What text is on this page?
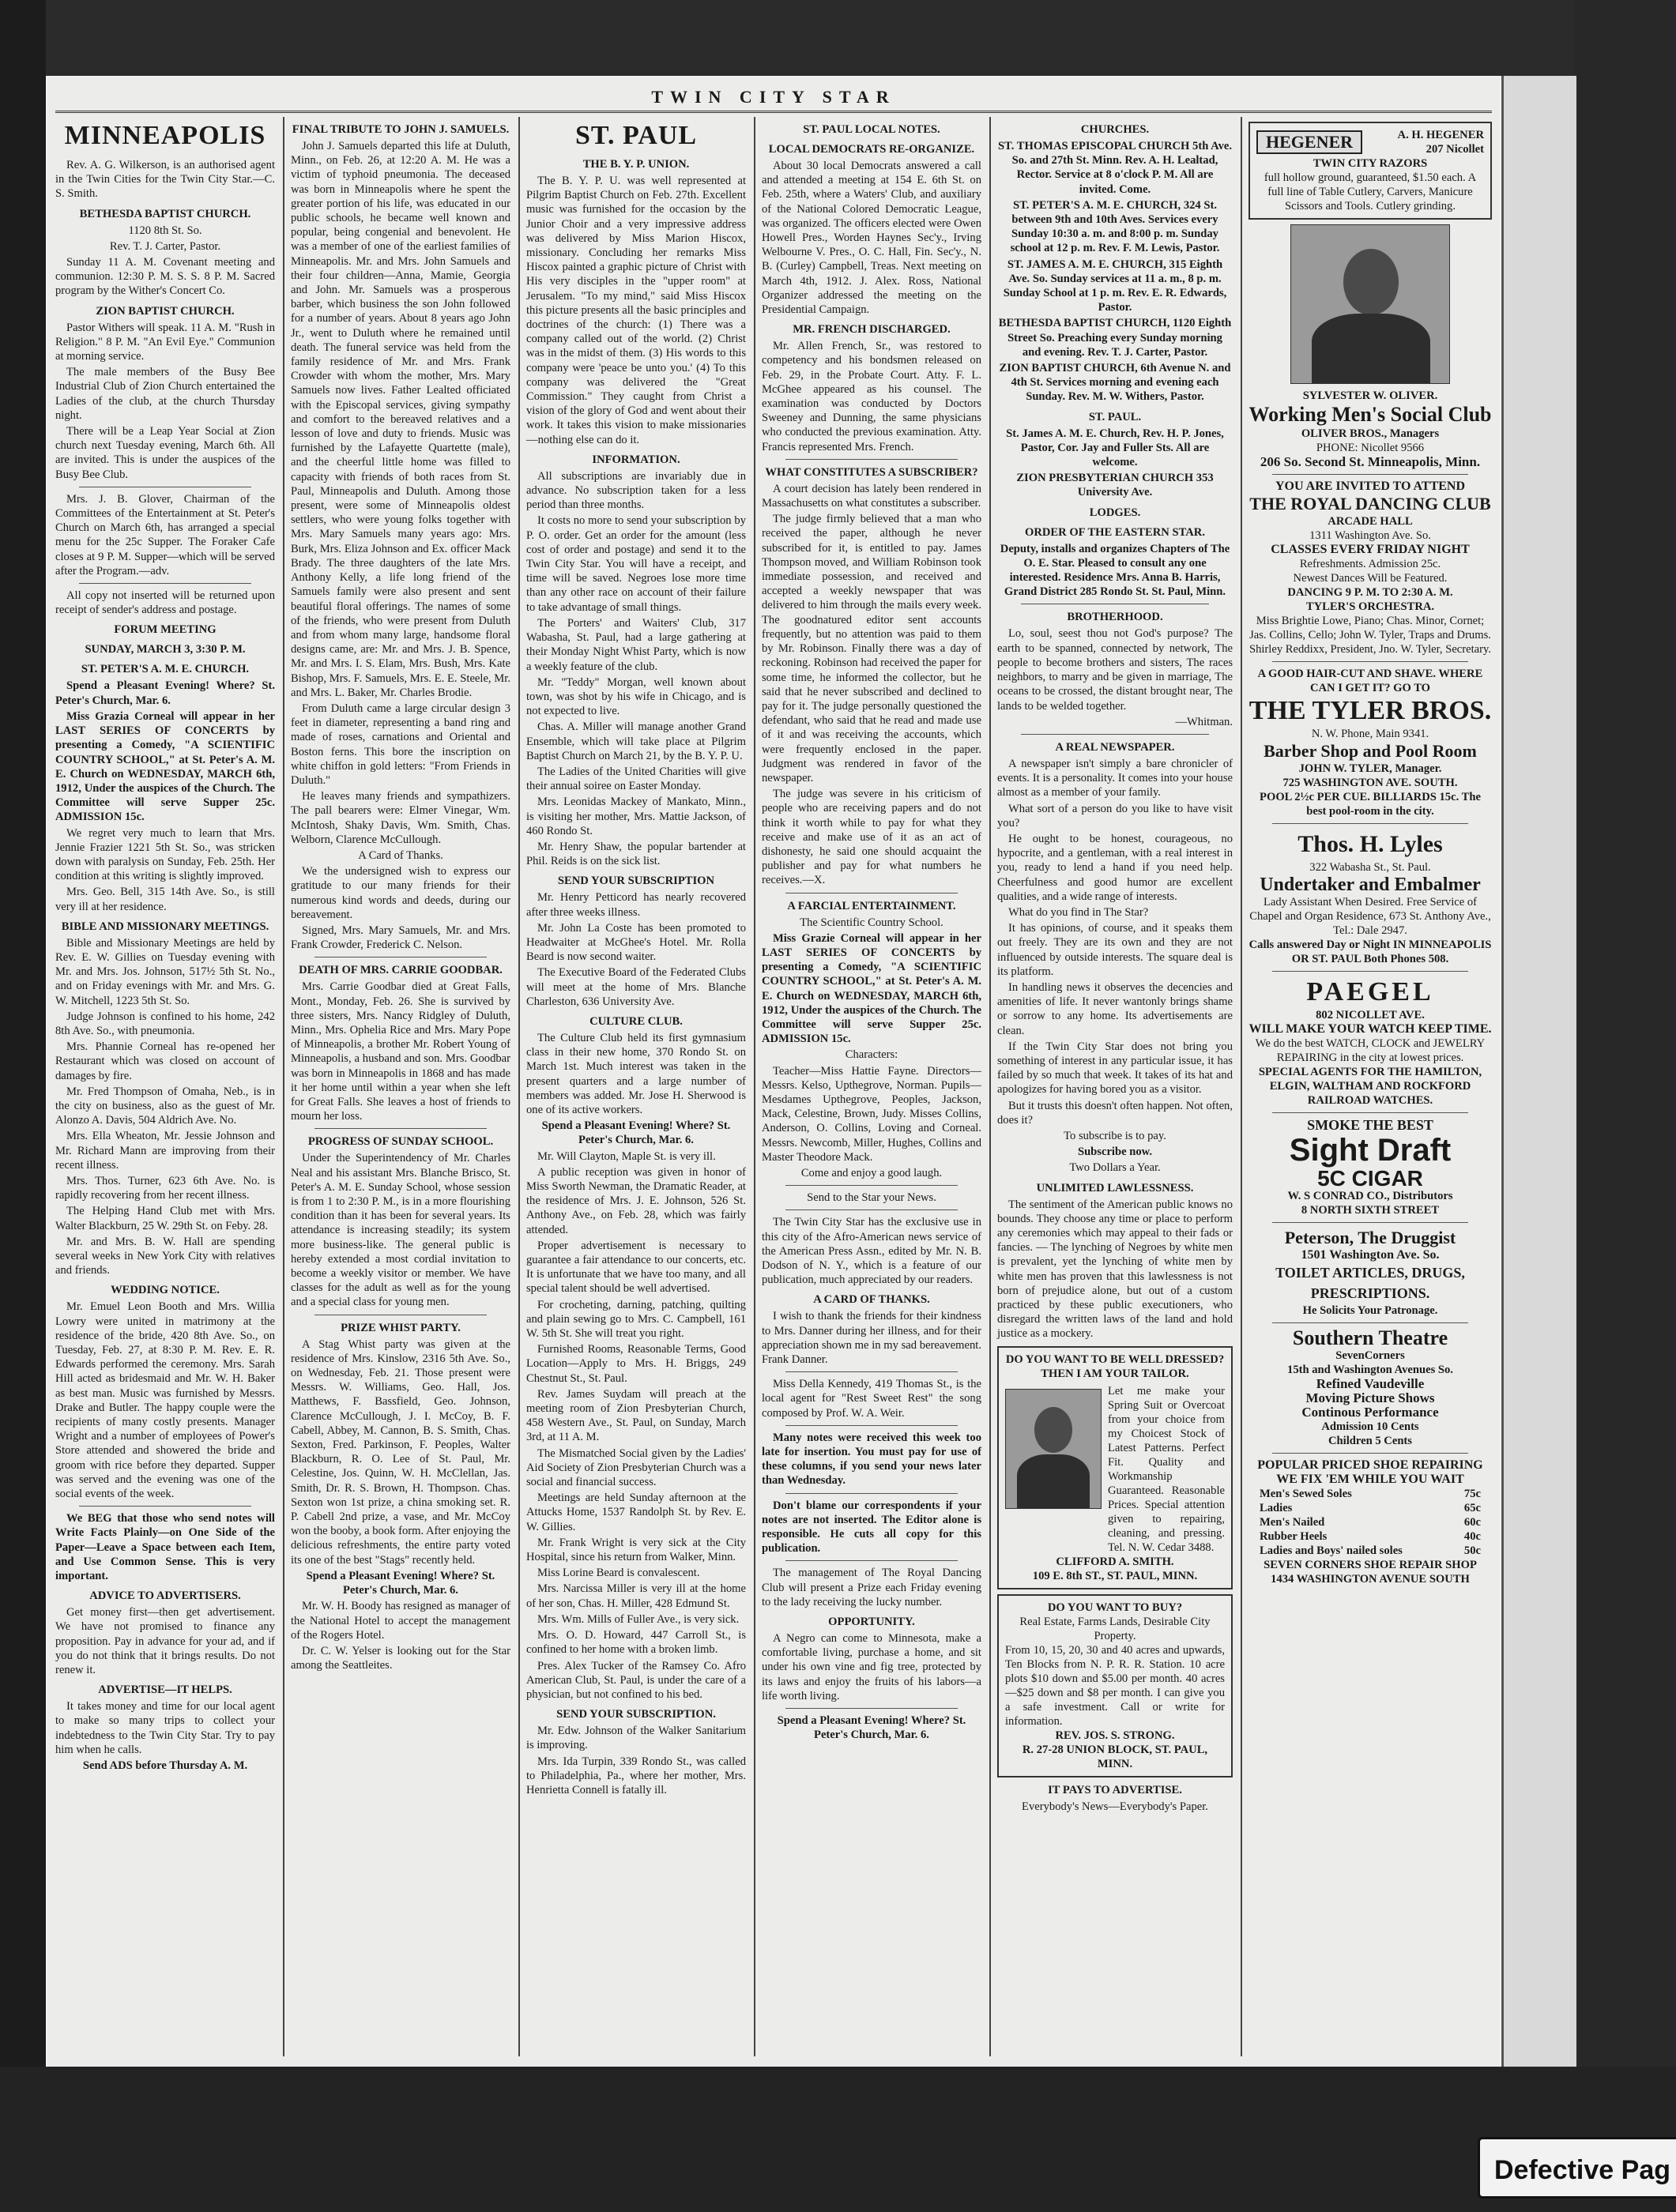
TWIN CITY STAR
MINNEAPOLIS

Rev. A. G. Wilkerson, is an authorised agent in the Twin Cities for the Twin City Star.—C. S. Smith.

BETHESDA BAPTIST CHURCH.
1120 8th St. So.
Rev. T. J. Carter, Pastor.

Sunday 11 A. M. Covenant meeting and communion. 12:30 P. M. S. S. 8 P. M. Sacred program by the Wither's Concert Co.

ZION BAPTIST CHURCH.

Pastor Withers will speak. 11 A. M. "Rush in Religion." 8 P. M. "An Evil Eye." Communion at morning service.

The male members of the Busy Bee Industrial Club of Zion Church entertained the Ladies of the club, at the church Thursday night.

There will be a Leap Year Social at Zion church next Tuesday evening, March 6th. All are invited. This is under the auspices of the Busy Bee Club.

Mrs. J. B. Glover, Chairman of the Committees of the Entertainment at St. Peter's Church on March 6th, has arranged a special menu for the 25c Supper. The Foraker Cafe closes at 9 P. M. Supper—which will be served after the Program.—adv.

All copy not inserted will be returned upon receipt of sender's address and postage.

FORUM MEETING
SUNDAY, MARCH 3, 3:30 P. M.
ST. PETER'S A. M. E. CHURCH.

Spend a Pleasant Evening! Where? St. Peter's Church, Mar. 6.

Miss Grazia Corneal will appear in her LAST SERIES OF CONCERTS by presenting a Comedy, "A SCIENTIFIC COUNTRY SCHOOL," at St. Peter's A. M. E. Church on WEDNESDAY, MARCH 6th, 1912, Under the auspices of the Church. The Committee will serve Supper 25c. ADMISSION 15c.

We regret very much to learn that Mrs. Jennie Frazier 1221 5th St. So., was stricken down with paralysis on Sunday, Feb. 25th. Her condition at this writing is slightly improved.

Mrs. Geo. Bell, 315 14th Ave. So., is still very ill at her residence.

BIBLE AND MISSIONARY MEETINGS.

Bible and Missionary Meetings are held by Rev. E. W. Gillies on Tuesday evening with Mr. and Mrs. Jos. Johnson, 517½ 5th St. No., and on Friday evenings with Mr. and Mrs. G. W. Mitchell, 1223 5th St. So.

Judge Johnson is confined to his home, 242 8th Ave. So., with pneumonia.

Mrs. Phannie Corneal has re-opened her Restaurant which was closed on account of damages by fire.

Mr. Fred Thompson of Omaha, Neb., is in the city on business, also as the guest of Mr. Alonzo A. Davis, 504 Aldrich Ave. No.

Mrs. Ella Wheaton, Mr. Jessie Johnson and Mr. Richard Mann are improving from their recent illness.

Mrs. Thos. Turner, 623 6th Ave. No. is rapidly recovering from her recent illness.

The Helping Hand Club met with Mrs. Walter Blackburn, 25 W. 29th St. on Feby. 28.

Mr. and Mrs. B. W. Hall are spending several weeks in New York City with relatives and friends.

WEDDING NOTICE.

Mr. Emuel Leon Booth and Mrs. Willia Lowry were united in matrimony at the residence of the bride, 420 8th Ave. So., on Tuesday, Feb. 27, at 8:30 P. M. Rev. E. R. Edwards performed the ceremony. Mrs. Sarah Hill acted as bridesmaid and Mr. W. H. Baker as best man. Music was furnished by Messrs. Drake and Butler. The happy couple were the recipients of many costly presents. Manager Wright and a number of employees of Power's Store attended and showered the bride and groom with rice before they departed. Supper was served and the evening was one of the social events of the week.

We BEG that those who send notes will Write Facts Plainly—on One Side of the Paper—Leave a Space between each Item, and Use Common Sense. This is very important.

ADVICE TO ADVERTISERS.

Get money first—then get advertisement. We have not promised to finance any proposition. Pay in advance for your ad, and if you do not think that it brings results. Do not renew it.

ADVERTISE—IT HELPS.

It takes money and time for our local agent to make so many trips to collect your indebtedness to the Twin City Star. Try to pay him when he calls.

Send ADS before Thursday A. M.

FINAL TRIBUTE TO JOHN J. SAMUELS.

John J. Samuels departed this life at Duluth, Minn., on Feb. 26, at 12:20 A. M. He was a victim of typhoid pneumonia. The deceased was born in Minneapolis where he spent the greater portion of his life, was educated in our public schools, he became well known and popular, being congenial and benevolent. He was a member of one of the earliest families of Minneapolis. Mr. and Mrs. John Samuels and their four children—Anna, Mamie, Georgia and John. Mr. Samuels was a prosperous barber, which business the son John followed for a number of years. About 8 years ago John Jr., went to Duluth where he remained until death. The funeral service was held from the family residence of Mr. and Mrs. Frank Crowder with whom the mother, Mrs. Mary Samuels now lives. Father Lealted officiated with the Episcopal services, giving sympathy and comfort to the bereaved relatives and a lesson of love and duty to friends. Music was furnished by the Lafayette Quartette (male), and the cheerful little home was filled to capacity with friends of both races from St. Paul, Minneapolis and Duluth. Among those present, were some of Minneapolis oldest settlers, who were young folks together with Mrs. Mary Samuels many years ago: Mrs. Burk, Mrs. Eliza Johnson and Ex. officer Mack Brady. The three daughters of the late Mrs. Anthony Kelly, a life long friend of the Samuels family were also present and sent beautiful floral offerings. The names of some of the friends, who were present from Duluth and from whom many large, handsome floral designs came, are: Mr. and Mrs. J. B. Spence, Mr. and Mrs. I. S. Elam, Mrs. Bush, Mrs. Kate Bishop, Mrs. F. Samuels, Mrs. E. E. Steele, Mr. and Mrs. L. Baker, Mr. Charles Brodie.

From Duluth came a large circular design 3 feet in diameter, representing a band ring and made of roses, carnations and Oriental and Boston ferns. This bore the inscription on white chiffon in gold letters: "From Friends in Duluth."

He leaves many friends and sympathizers. The pall bearers were: Elmer Vinegar, Wm. McIntosh, Shaky Davis, Wm. Smith, Chas. Welborn, Clarence McCullough.

A Card of Thanks.

We the undersigned wish to express our gratitude to our many friends for their numerous kind words and deeds, during our bereavement.

Signed, Mrs. Mary Samuels, Mr. and Mrs. Frank Crowder, Frederick C. Nelson.

DEATH OF MRS. CARRIE GOODBAR.

Mrs. Carrie Goodbar died at Great Falls, Mont., Monday, Feb. 26. She is survived by three sisters, Mrs. Nancy Ridgley of Duluth, Minn., Mrs. Ophelia Rice and Mrs. Mary Pope of Minneapolis, a brother Mr. Robert Young of Minneapolis, a husband and son. Mrs. Goodbar was born in Minneapolis in 1868 and has made it her home until within a year when she left for Great Falls. She leaves a host of friends to mourn her loss.

PROGRESS OF SUNDAY SCHOOL.

Under the Superintendency of Mr. Charles Neal and his assistant Mrs. Blanche Brisco, St. Peter's A. M. E. Sunday School, whose session is from 1 to 2:30 P. M., is in a more flourishing condition than it has been for several years. Its attendance is increasing steadily; its system more business-like. The general public is hereby extended a most cordial invitation to become a weekly visitor or member. We have classes for the adult as well as for the young and a special class for young men.

PRIZE WHIST PARTY.

A Stag Whist party was given at the residence of Mrs. Kinslow, 2316 5th Ave. So., on Wednesday, Feb. 21. Those present were Messrs. W. Williams, Geo. Hall, Jos. Matthews, F. Bassfield, Geo. Johnson, Clarence McCullough, J. I. McCoy, B. F. Cabell, Abbey, M. Cannon, B. S. Smith, Chas. Sexton, Fred. Parkinson, F. Peoples, Walter Blackburn, R. O. Lee of St. Paul, Mr. Celestine, Jos. Quinn, W. H. McClellan, Jas. Smith, Dr. R. S. Brown, H. Thompson. Chas. Sexton won 1st prize, a china smoking set. R. P. Cabell 2nd prize, a vase, and Mr. McCoy won the booby, a book form. After enjoying the delicious refreshments, the entire party voted its one of the best "Stags" recently held.

Spend a Pleasant Evening! Where? St. Peter's Church, Mar. 6.

Mr. W. H. Boody has resigned as manager of the National Hotel to accept the management of the Rogers Hotel.

Dr. C. W. Yelser is looking out for the Star among the Seattleites.

ST. PAUL
THE B. Y. P. UNION.

The B. Y. P. U. was well represented at Pilgrim Baptist Church on Feb. 27th. Excellent music was furnished for the occasion by the Junior Choir and a very impressive address was delivered by Miss Marion Hiscox, missionary. Concluding her remarks Miss Hiscox painted a graphic picture of Christ with His very disciples in the "upper room" at Jerusalem. "To my mind," said Miss Hiscox this picture presents all the basic principles and doctrines of the church: (1) There was a company called out of the world. (2) Christ was in the midst of them. (3) His words to this company were 'peace be unto you.' (4) To this company was delivered the "Great Commission." They caught from Christ a vision of the glory of God and went about their work. It takes this vision to make missionaries—nothing else can do it.

INFORMATION.

All subscriptions are invariably due in advance. No subscription taken for a less period than three months.

It costs no more to send your subscription by P. O. order. Get an order for the amount (less cost of order and postage) and send it to the Twin City Star. You will have a receipt, and time will be saved. Negroes lose more time than any other race on account of their failure to take advantage of small things.

The Porters' and Waiters' Club, 317 Wabasha, St. Paul, had a large gathering at their Monday Night Whist Party, which is now a weekly feature of the club.

Mr. "Teddy" Morgan, well known about town, was shot by his wife in Chicago, and is not expected to live.

Chas. A. Miller will manage another Grand Ensemble, which will take place at Pilgrim Baptist Church on March 21, by the B. Y. P. U.

The Ladies of the United Charities will give their annual soiree on Easter Monday.

Mrs. Leonidas Mackey of Mankato, Minn., is visiting her mother, Mrs. Mattie Jackson, of 460 Rondo St.

Mr. Henry Shaw, the popular bartender at Phil. Reids is on the sick list.

SEND YOUR SUBSCRIPTION

Mr. Henry Petticord has nearly recovered after three weeks illness.

Mr. John La Coste has been promoted to Headwaiter at McGhee's Hotel. Mr. Rolla Beard is now second waiter.

The Executive Board of the Federated Clubs will meet at the home of Mrs. Blanche Charleston, 636 University Ave.

CULTURE CLUB.

The Culture Club held its first gymnasium class in their new home, 370 Rondo St. on March 1st. Much interest was taken in the present quarters and a large number of members was added. Mr. Jose H. Sherwood is one of its active workers.

Spend a Pleasant Evening! Where? St. Peter's Church, Mar. 6.

Mr. Will Clayton, Maple St. is very ill.

A public reception was given in honor of Miss Sworth Newman, the Dramatic Reader, at the residence of Mrs. J. E. Johnson, 526 St. Anthony Ave., on Feb. 28, which was fairly attended.

Proper advertisement is necessary to guarantee a fair attendance to our concerts, etc. It is unfortunate that we have too many, and all special talent should be well advertised.

For crocheting, darning, patching, quilting and plain sewing go to Mrs. C. Campbell, 161 W. 5th St. She will treat you right.

Furnished Rooms, Reasonable Terms, Good Location—Apply to Mrs. H. Briggs, 249 Chestnut St., St. Paul.

Rev. James Suydam will preach at the meeting room of Zion Presbyterian Church, 458 Western Ave., St. Paul, on Sunday, March 3rd, at 11 A. M.

The Mismatched Social given by the Ladies' Aid Society of Zion Presbyterian Church was a social and financial success.

Meetings are held Sunday afternoon at the Attucks Home, 1537 Randolph St. by Rev. E. W. Gillies.

Mr. Frank Wright is very sick at the City Hospital, since his return from Walker, Minn.

Miss Lorine Beard is convalescent.

Mrs. Narcissa Miller is very ill at the home of her son, Chas. H. Miller, 428 Edmund St.

Mrs. Wm. Mills of Fuller Ave., is very sick.

Mrs. O. D. Howard, 447 Carroll St., is confined to her home with a broken limb.

Pres. Alex Tucker of the Ramsey Co. Afro American Club, St. Paul, is under the care of a physician, but not confined to his bed.

SEND YOUR SUBSCRIPTION.

Mr. Edw. Johnson of the Walker Sanitarium is improving.

Mrs. Ida Turpin, 339 Rondo St., was called to Philadelphia, Pa., where her mother, Mrs. Henrietta Connell is fatally ill.

ST. PAUL LOCAL NOTES.
LOCAL DEMOCRATS RE-ORGANIZE.

About 30 local Democrats answered a call and attended a meeting at 154 E. 6th St. on Feb. 25th, where a Waters' Club, and auxiliary of the National Colored Democratic League, was organized. The officers elected were Owen Howell Pres., Worden Haynes Sec'y., Irving Welbourne V. Pres., O. C. Hall, Fin. Sec'y., N. B. (Curley) Campbell, Treas. Next meeting on March 4th, 1912. J. Alex. Ross, National Organizer addressed the meeting on the Presidential Campaign.

MR. FRENCH DISCHARGED.

Mr. Allen French, Sr., was restored to competency and his bondsmen released on Feb. 29, in the Probate Court. Atty. F. L. McGhee appeared as his counsel. The examination was conducted by Doctors Sweeney and Dunning, the same physicians who conducted the previous examination. Atty. Francis represented Mrs. French.

WHAT CONSTITUTES A SUBSCRIBER?

A court decision has lately been rendered in Massachusetts on what constitutes a subscriber.

The judge firmly believed that a man who received the paper, although he never subscribed for it, is entitled to pay. James Thompson moved, and William Robinson took immediate possession, and received and accepted a weekly newspaper that was delivered to him through the mails every week. The goodnatured editor sent accounts frequently, but no attention was paid to them by Mr. Robinson. Finally there was a day of reckoning. Robinson had received the paper for some time, he informed the collector, but he said that he never subscribed and declined to pay for it. The judge personally questioned the defendant, who said that he read and made use of it and was receiving the accounts, which were frequently enclosed in the paper. Judgment was rendered in favor of the newspaper.

The judge was severe in his criticism of people who are receiving papers and do not think it worth while to pay for what they receive and make use of it as an act of dishonesty, he said one should acquaint the publisher and pay for what numbers he receives.—X.

A FARCIAL ENTERTAINMENT.
The Scientific Country School.

Miss Grazie Corneal will appear in her LAST SERIES OF CONCERTS by presenting a Comedy, "A SCIENTIFIC COUNTRY SCHOOL," at St. Peter's A. M. E. Church on WEDNESDAY, MARCH 6th, 1912, Under the auspices of the Church. The Committee will serve Supper 25c. ADMISSION 15c.

Characters:

Teacher—Miss Hattie Fayne. Directors—Messrs. Kelso, Upthegrove, Norman. Pupils—Mesdames Upthegrove, Peoples, Jackson, Mack, Celestine, Brown, Judy. Misses Collins, Anderson, O. Collins, Loving and Corneal. Messrs. Newcomb, Miller, Hughes, Collins and Master Theodore Mack.

Come and enjoy a good laugh.

Send to the Star your News.

The Twin City Star has the exclusive use in this city of the Afro-American news service of the American Press Assn., edited by Mr. N. B. Dodson of N. Y., which is a feature of our publication, much appreciated by our readers.

A CARD OF THANKS.

I wish to thank the friends for their kindness to Mrs. Danner during her illness, and for their appreciation shown me in my sad bereavement. Frank Danner.

Miss Della Kennedy, 419 Thomas St., is the local agent for "Rest Sweet Rest" the song composed by Prof. W. A. Weir.

Many notes were received this week too late for insertion. You must pay for use of these columns, if you send your news later than Wednesday.

Don't blame our correspondents if your notes are not inserted. The Editor alone is responsible. He cuts all copy for this publication.

The management of The Royal Dancing Club will present a Prize each Friday evening to the lady receiving the lucky number.

OPPORTUNITY.

A Negro can come to Minnesota, make a comfortable living, purchase a home, and sit under his own vine and fig tree, protected by its laws and enjoy the fruits of his labors—a life worth living.

Spend a Pleasant Evening! Where? St. Peter's Church, Mar. 6.

CHURCHES.

ST. THOMAS EPISCOPAL CHURCH 5th Ave. So. and 27th St. Minn. Rev. A. H. Lealtad, Rector. Service at 8 o'clock P. M. All are invited. Come.

ST. PETER'S A. M. E. CHURCH, 324 St. between 9th and 10th Aves. Services every Sunday 10:30 a. m. and 8:00 p. m. Sunday school at 12 p. m. Rev. F. M. Lewis, Pastor.

ST. JAMES A. M. E. CHURCH, 315 Eighth Ave. So. Sunday services at 11 a. m., 8 p. m. Sunday School at 1 p. m. Rev. E. R. Edwards, Pastor.

BETHESDA BAPTIST CHURCH, 1120 Eighth Street So. Preaching every Sunday morning and evening. Rev. T. J. Carter, Pastor.

ZION BAPTIST CHURCH, 6th Avenue N. and 4th St. Services morning and evening each Sunday. Rev. M. W. Withers, Pastor.

ST. PAUL.

St. James A. M. E. Church, Rev. H. P. Jones, Pastor, Cor. Jay and Fuller Sts. All are welcome.

ZION PRESBYTERIAN CHURCH 353 University Ave.

LODGES.
ORDER OF THE EASTERN STAR.

Deputy, installs and organizes Chapters of The O. E. Star. Pleased to consult any one interested. Residence Mrs. Anna B. Harris, Grand District 285 Rondo St. St. Paul, Minn.

BROTHERHOOD.

Lo, soul, seest thou not God's purpose? The earth to be spanned, connected by network, The people to become brothers and sisters, The races neighbors, to marry and be given in marriage, The oceans to be crossed, the distant brought near, The lands to be welded together.

—Whitman.

A REAL NEWSPAPER.

A newspaper isn't simply a bare chronicler of events. It is a personality. It comes into your house almost as a member of your family.

What sort of a person do you like to have visit you?

He ought to be honest, courageous, no hypocrite, and a gentleman, with a real interest in you, ready to lend a hand if you need help. Cheerfulness and good humor are excellent qualities, and a wide range of interests.

What do you find in The Star?

It has opinions, of course, and it speaks them out freely. They are its own and they are not influenced by outside interests. The square deal is its platform.

In handling news it observes the decencies and amenities of life. It never wantonly brings shame or sorrow to any home. Its advertisements are clean.

If the Twin City Star does not bring you something of interest in any particular issue, it has failed by so much that week. It takes of its hat and apologizes for having bored you as a visitor.

But it trusts this doesn't often happen. Not often, does it?

To subscribe is to pay.
Subscribe now.
Two Dollars a Year.
UNLIMITED LAWLESSNESS.

The sentiment of the American public knows no bounds. They choose any time or place to perform any ceremonies which may appeal to their fads or fancies. — The lynching of Negroes by white men is prevalent, yet the lynching of white men by white men has proven that this lawlessness is not born of prejudice alone, but out of a custom practiced by these public executioners, who disregard the written laws of the land and hold justice as a mockery.

DO YOU WANT TO BE WELL DRESSED? THEN I AM YOUR TAILOR.
Let me make your Spring Suit or Overcoat from your choice from my Choicest Stock of Latest Patterns. Perfect Fit. Quality and Workmanship Guaranteed. Reasonable Prices. Special attention given to repairing, cleaning, and pressing. Tel. N. W. Cedar 3488.
CLIFFORD A. SMITH.
109 E. 8th ST., ST. PAUL, MINN.
DO YOU WANT TO BUY?
Real Estate, Farms Lands, Desirable City Property.
From 10, 15, 20, 30 and 40 acres and upwards, Ten Blocks from N. P. R. R. Station. 10 acre plots $10 down and $5.00 per month. 40 acres—$25 down and $8 per month. I can give you a safe investment. Call or write for information.
REV. JOS. S. STRONG.
R. 27-28 UNION BLOCK, ST. PAUL, MINN.
IT PAYS TO ADVERTISE.
Everybody's News—Everybody's Paper.
HEGENER	A. H. HEGENER
207 Nicollet
TWIN CITY RAZORS
full hollow ground, guaranteed, $1.50 each. A full line of Table Cutlery, Carvers, Manicure Scissors and Tools. Cutlery grinding.
SYLVESTER W. OLIVER.
Working Men's Social Club
OLIVER BROS., Managers
PHONE: Nicollet 9566
206 So. Second St. Minneapolis, Minn.
YOU ARE INVITED TO ATTEND
THE ROYAL DANCING CLUB
ARCADE HALL
1311 Washington Ave. So.
CLASSES EVERY FRIDAY NIGHT
Refreshments. Admission 25c.
Newest Dances Will be Featured.
DANCING 9 P. M. TO 2:30 A. M.
TYLER'S ORCHESTRA.
Miss Brightie Lowe, Piano; Chas. Minor, Cornet; Jas. Collins, Cello; John W. Tyler, Traps and Drums.
Shirley Reddixx, President, Jno. W. Tyler, Secretary.
A GOOD HAIR-CUT AND SHAVE. WHERE CAN I GET IT? GO TO
THE TYLER BROS.
N. W. Phone, Main 9341.
Barber Shop and Pool Room
JOHN W. TYLER, Manager.
725 WASHINGTON AVE. SOUTH.
POOL 2½c PER CUE. BILLIARDS 15c. The best pool-room in the city.
Thos. H. Lyles
322 Wabasha St., St. Paul.
Undertaker and Embalmer
Lady Assistant When Desired. Free Service of Chapel and Organ Residence, 673 St. Anthony Ave., Tel.: Dale 2947.
Calls answered Day or Night IN MINNEAPOLIS OR ST. PAUL Both Phones 508.
PAEGEL
802 NICOLLET AVE.
WILL MAKE YOUR WATCH KEEP TIME.
We do the best WATCH, CLOCK and JEWELRY REPAIRING in the city at lowest prices.
SPECIAL AGENTS FOR THE HAMILTON, ELGIN, WALTHAM AND ROCKFORD RAILROAD WATCHES.
SMOKE THE BEST
Sight Draft
5C CIGAR
W. S CONRAD CO., Distributors
8 NORTH SIXTH STREET
Peterson, The Druggist
1501 Washington Ave. So.
TOILET ARTICLES, DRUGS, PRESCRIPTIONS.
He Solicits Your Patronage.
Southern Theatre
SevenCorners
15th and Washington Avenues So.
Refined Vaudeville
Moving Picture Shows
Continous Performance
Admission 10 Cents
Children 5 Cents
POPULAR PRICED SHOE REPAIRING
WE FIX 'EM WHILE YOU WAIT
Men's Sewed Soles	75c
Ladies	65c
Men's Nailed	60c
Rubber Heels	40c
Ladies and Boys' nailed soles	50c
SEVEN CORNERS SHOE REPAIR SHOP
1434 WASHINGTON AVENUE SOUTH
Defective Pag
